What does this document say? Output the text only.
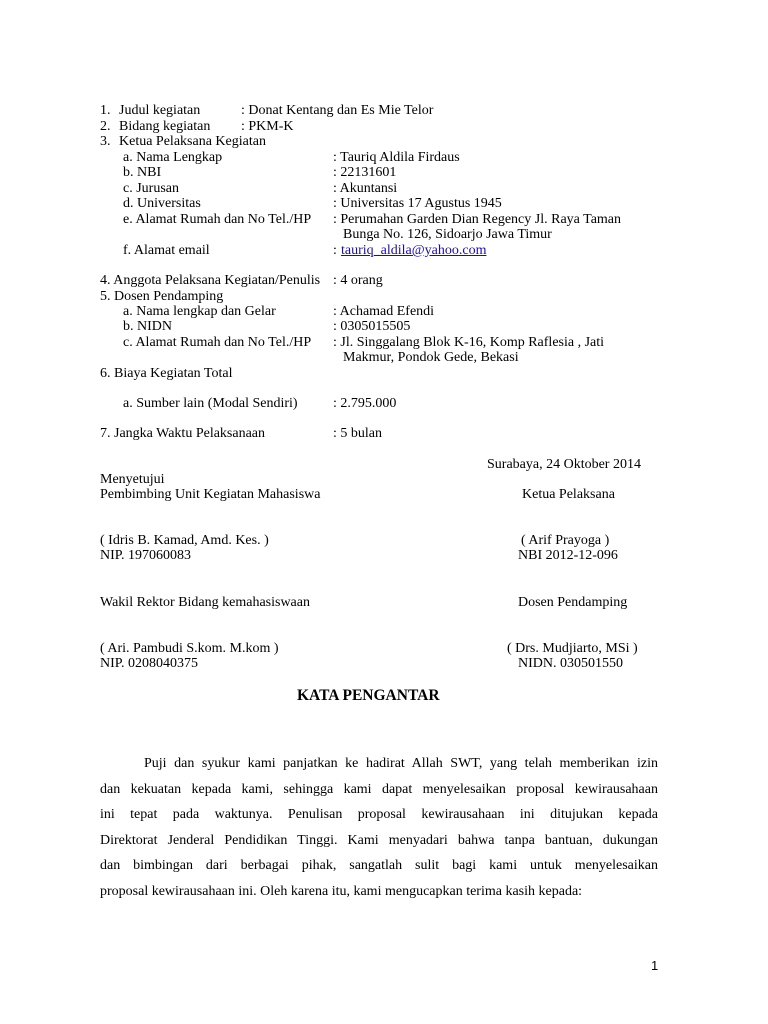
1. Judul kegiatan	: Donat Kentang dan Es Mie Telor
2. Bidang kegiatan : PKM-K
3. Ketua Pelaksana Kegiatan
a. Nama Lengkap	: Tauriq Aldila Firdaus
b. NBI	: 22131601
c. Jurusan	: Akuntansi
d. Universitas	: Universitas 17 Agustus 1945
e. Alamat Rumah dan No Tel./HP : Perumahan Garden Dian Regency Jl. Raya Taman
Bunga No. 126, Sidoarjo Jawa Timur
f. Alamat email	: tauriq_aldila@yahoo.com
4. Anggota Pelaksana Kegiatan/Penulis : 4 orang
5. Dosen Pendamping
a. Nama lengkap dan Gelar	: Achamad Efendi
b. NIDN	: 0305015505
c. Alamat Rumah dan No Tel./HP : Jl. Singgalang Blok K-16, Komp Raflesia , Jati
Makmur, Pondok Gede, Bekasi
6. Biaya Kegiatan Total
a. Sumber lain (Modal Sendiri)	: 2.795.000
7. Jangka Waktu Pelaksanaan	: 5 bulan
Surabaya, 24 Oktober 2014
Menyetujui
Pembimbing Unit Kegiatan Mahasiswa	Ketua Pelaksana
( Idris B. Kamad, Amd. Kes. )	( Arif Prayoga )
NIP. 197060083	NBI 2012-12-096
Wakil Rektor Bidang kemahasiswaan	Dosen Pendamping
( Ari. Pambudi S.kom. M.kom )	( Drs. Mudjiarto, MSi )
NIP. 0208040375	NIDN. 030501550
KATA PENGANTAR
Puji dan syukur kami panjatkan ke hadirat Allah SWT, yang telah memberikan izin
dan kekuatan kepada kami, sehingga kami dapat menyelesaikan proposal kewirausahaan
ini tepat pada waktunya. Penulisan proposal kewirausahaan ini ditujukan kepada
Direktorat Jenderal Pendidikan Tinggi. Kami menyadari bahwa tanpa bantuan, dukungan
dan bimbingan dari berbagai pihak, sangatlah sulit bagi kami untuk menyelesaikan
proposal kewirausahaan ini. Oleh karena itu, kami mengucapkan terima kasih kepada:
1
